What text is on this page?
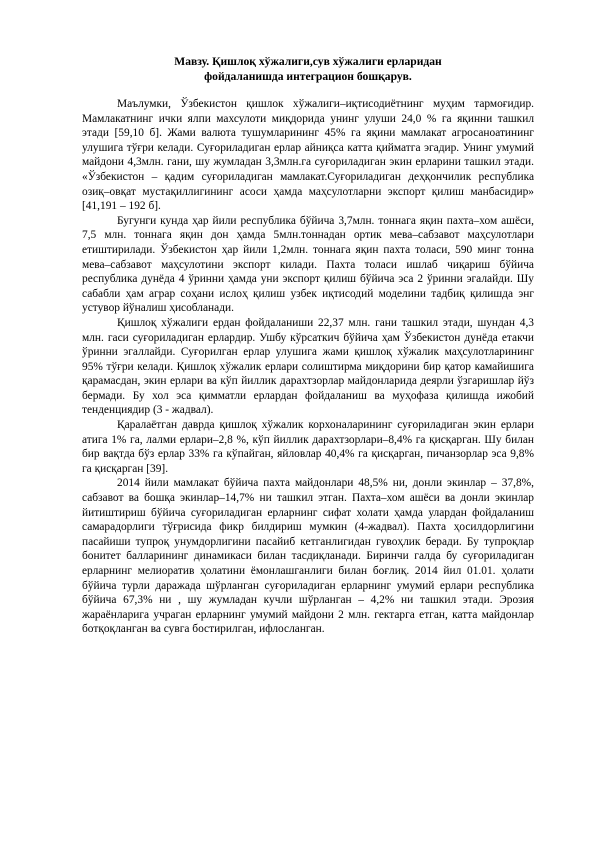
Мавзу. Қишлоқ хўжалиги,сув хўжалиги ерларидан
фойдаланишда интеграцион бошқарув.

Маълумки, Ўзбекистон қишлок хўжалиги–иқтисодиётнинг муҳим тармоғидир. Мамлакатнинг ички ялпи махсулоти миқдорида унинг улуши 24,0 % га яқинни ташкил этади [59,10 б]. Жами валюта тушумларининг 45% га яқини мамлакат агросаноатининг улушига тўғри келади. Суғориладиган ерлар айниқса катта қийматга эгадир. Унинг умумий майдони 4,3млн. гани, шу жумладан 3,3млн.га суғориладиган экин ерларини ташкил этади. «Ўзбекистон – қадим суғориладиган мамлакат.Суғориладиган деҳқончилик республика озиқ–овқат мустақиллигининг асоси ҳамда маҳсулотларни экспорт қилиш манбасидир» [41,191 – 192 б].

Бугунги кунда ҳар йили республика бўйича 3,7млн. тоннага яқин пахта–хом ашёси, 7,5 млн. тоннага яқин дон ҳамда 5млн.тоннадан ортик мева–сабзавот маҳсулотлари етиштирилади. Ўзбекистон ҳар йили 1,2млн. тоннага яқин пахта толаси, 590 минг тонна мева–сабзавот маҳсулотини экспорт килади. Пахта толаси ишлаб чиқариш бўйича республика дунёда 4 ўринни ҳамда уни экспорт қилиш бўйича эса 2 ўринни эгалайди. Шу сабабли ҳам аграр соҳани ислоҳ қилиш узбек иқтисодий моделини тадбиқ қилишда энг устувор йўналиш ҳисобланади.

Қишлоқ хўжалиги ердан фойдаланиши 22,37 млн. гани ташкил этади, шундан 4,3 млн. гаси суғориладиган ерлардир. Ушбу кўрсаткич бўйича ҳам Ўзбекистон дунёда етакчи ўринни эгаллайди. Суғорилган ерлар улушига жами қишлоқ хўжалик маҳсулотларининг 95% тўғри келади. Қишлоқ хўжалик ерлари солиштирма миқдорини бир қатор камайишига қарамасдан, экин ерлари ва кўп йиллик дарахтзорлар майдонларида деярли ўзгаришлар йўз бермади. Бу хол эса қимматли ерлардан фойдаланиш ва муҳофаза қилишда ижобий тенденциядир (3 - жадвал).

Қаралаётган даврда қишлоқ хўжалик корхоналарининг суғориладиган экин ерлари атига 1% га, лалми ерлари–2,8 %, кўп йиллик дарахтзорлари–8,4% га қисқарган. Шу билан бир вақтда бўз ерлар 33% га кўпайган, яйловлар 40,4% га қисқарган, пичанзорлар эса 9,8% га қисқарган [39].

2014 йили мамлакат бўйича пахта майдонлари 48,5% ни, донли экинлар – 37,8%, сабзавот ва бошқа экинлар–14,7% ни ташкил этган. Пахта–хом ашёси ва донли экинлар йитиштириш бўйича суғориладиган ерларнинг сифат холати ҳамда улардан фойдаланиш самарадорлиги тўғрисида фикр билдириш мумкин (4-жадвал). Пахта ҳосилдорлигини пасайиши тупроқ унумдорлигини пасайиб кетганлигидан гувоҳлик беради. Бу тупроқлар бонитет балларининг динамикаси билан тасдиқланади. Биринчи галда бу суғориладиган ерларнинг мелиоратив ҳолатини ёмонлашганлиги билан боғлиқ. 2014 йил 01.01. ҳолати бўйича турли даражада шўрланган суғориладиган ерларнинг умумий ерлари республика бўйича 67,3% ни , шу жумладан кучли шўрланган – 4,2% ни ташкил этади. Эрозия жараёнларига учраган ерларнинг умумий майдони 2 млн. гектарга етган, катта майдонлар ботқоқланган ва сувга бостирилган, ифлосланган.
